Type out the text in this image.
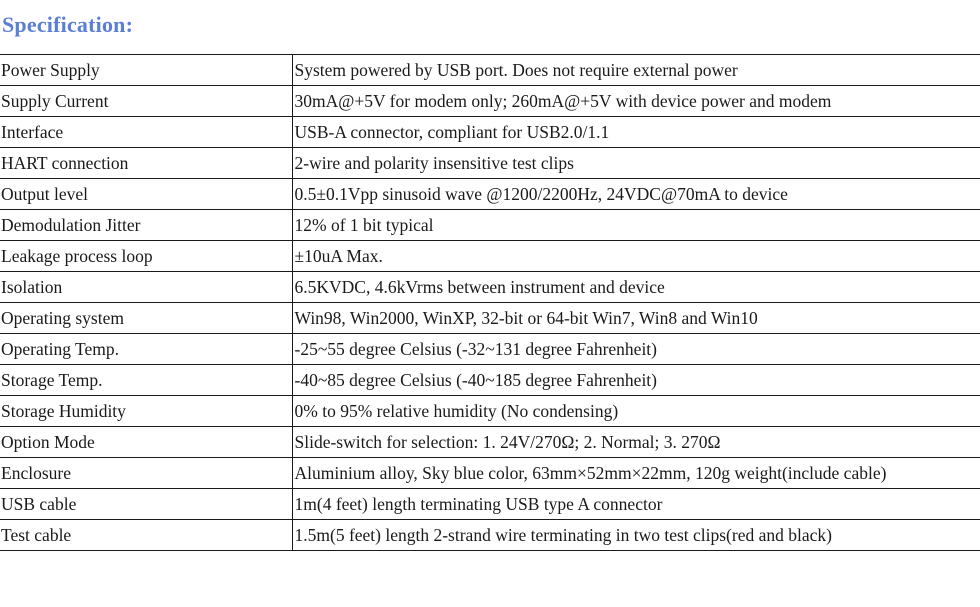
Specification:
Power Supply	System powered by USB port. Does not require external power
Supply Current	30mA@+5V for modem only; 260mA@+5V with device power and modem
Interface	USB-A connector, compliant for USB2.0/1.1
HART connection	2-wire and polarity insensitive test clips
Output level	0.5±0.1Vpp sinusoid wave @1200/2200Hz, 24VDC@70mA to device
Demodulation Jitter	12% of 1 bit typical
Leakage process loop	±10uA Max.
Isolation	6.5KVDC, 4.6kVrms between instrument and device
Operating system	Win98, Win2000, WinXP, 32-bit or 64-bit Win7, Win8 and Win10
Operating Temp.	-25~55 degree Celsius (-32~131 degree Fahrenheit)
Storage Temp.	-40~85 degree Celsius (-40~185 degree Fahrenheit)
Storage Humidity	0% to 95% relative humidity (No condensing)
Option Mode	Slide-switch for selection: 1. 24V/270Ω; 2. Normal; 3. 270Ω
Enclosure	Aluminium alloy, Sky blue color, 63mm×52mm×22mm, 120g weight(include cable)
USB cable	1m(4 feet) length terminating USB type A connector
Test cable	1.5m(5 feet) length 2-strand wire terminating in two test clips(red and black)
